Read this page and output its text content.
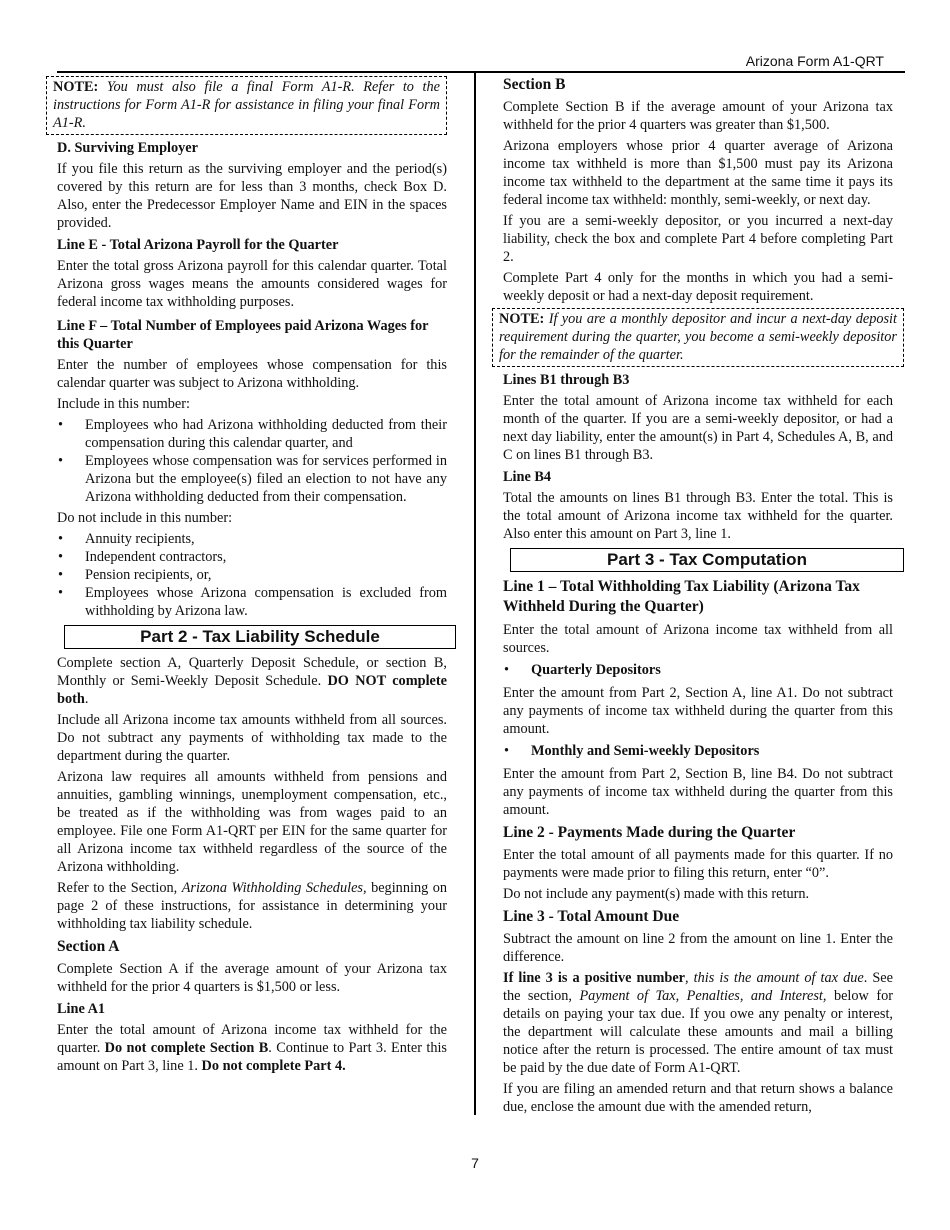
Arizona Form A1-QRT
NOTE: You must also file a final Form A1-R. Refer to the instructions for Form A1-R for assistance in filing your final Form A1-R.
D. Surviving Employer

If you file this return as the surviving employer and the period(s) covered by this return are for less than 3 months, check Box D. Also, enter the Predecessor Employer Name and EIN in the spaces provided.

Line E - Total Arizona Payroll for the Quarter

Enter the total gross Arizona payroll for this calendar quarter. Total Arizona gross wages means the amounts considered wages for federal income tax withholding purposes.

Line F – Total Number of Employees paid Arizona Wages for this Quarter

Enter the number of employees whose compensation for this calendar quarter was subject to Arizona withholding.

Include in this number:

• Employees who had Arizona withholding deducted from their compensation during this calendar quarter, and
• Employees whose compensation was for services performed in Arizona but the employee(s) filed an election to not have any Arizona withholding deducted from their compensation.

Do not include in this number:

• Annuity recipients,
• Independent contractors,
• Pension recipients, or,
• Employees whose Arizona compensation is excluded from withholding by Arizona law.
Part 2 - Tax Liability Schedule

Complete section A, Quarterly Deposit Schedule, or section B, Monthly or Semi-Weekly Deposit Schedule. DO NOT complete both.

Include all Arizona income tax amounts withheld from all sources. Do not subtract any payments of withholding tax made to the department during the quarter.

Arizona law requires all amounts withheld from pensions and annuities, gambling winnings, unemployment compensation, etc., be treated as if the withholding was from wages paid to an employee. File one Form A1-QRT per EIN for the same quarter for all Arizona income tax withheld regardless of the source of the Arizona withholding.

Refer to the Section, Arizona Withholding Schedules, beginning on page 2 of these instructions, for assistance in determining your withholding tax liability schedule.

Section A

Complete Section A if the average amount of your Arizona tax withheld for the prior 4 quarters is $1,500 or less.

Line A1

Enter the total amount of Arizona income tax withheld for the quarter. Do not complete Section B. Continue to Part 3. Enter this amount on Part 3, line 1. Do not complete Part 4.

Section B

Complete Section B if the average amount of your Arizona tax withheld for the prior 4 quarters was greater than $1,500.

Arizona employers whose prior 4 quarter average of Arizona income tax withheld is more than $1,500 must pay its Arizona income tax withheld to the department at the same time it pays its federal income tax withheld: monthly, semi-weekly, or next day.

If you are a semi-weekly depositor, or you incurred a next-day liability, check the box and complete Part 4 before completing Part 2.

Complete Part 4 only for the months in which you had a semi-weekly deposit or had a next-day deposit requirement.

NOTE: If you are a monthly depositor and incur a next-day deposit requirement during the quarter, you become a semi-weekly depositor for the remainder of the quarter.
Lines B1 through B3

Enter the total amount of Arizona income tax withheld for each month of the quarter. If you are a semi-weekly depositor, or had a next day liability, enter the amount(s) in Part 4, Schedules A, B, and C on lines B1 through B3.

Line B4

Total the amounts on lines B1 through B3. Enter the total. This is the total amount of Arizona income tax withheld for the quarter. Also enter this amount on Part 3, line 1.

Part 3 - Tax Computation
Line 1 – Total Withholding Tax Liability (Arizona Tax Withheld During the Quarter)

Enter the total amount of Arizona income tax withheld from all sources.

• Quarterly Depositors

Enter the amount from Part 2, Section A, line A1. Do not subtract any payments of income tax withheld during the quarter from this amount.

• Monthly and Semi-weekly Depositors

Enter the amount from Part 2, Section B, line B4. Do not subtract any payments of income tax withheld during the quarter from this amount.

Line 2 - Payments Made during the Quarter

Enter the total amount of all payments made for this quarter. If no payments were made prior to filing this return, enter “0”.

Do not include any payment(s) made with this return.

Line 3 - Total Amount Due

Subtract the amount on line 2 from the amount on line 1. Enter the difference.

If line 3 is a positive number, this is the amount of tax due. See the section, Payment of Tax, Penalties, and Interest, below for details on paying your tax due. If you owe any penalty or interest, the department will calculate these amounts and mail a billing notice after the return is processed. The entire amount of tax must be paid by the due date of Form A1-QRT.

If you are filing an amended return and that return shows a balance due, enclose the amount due with the amended return,

7
